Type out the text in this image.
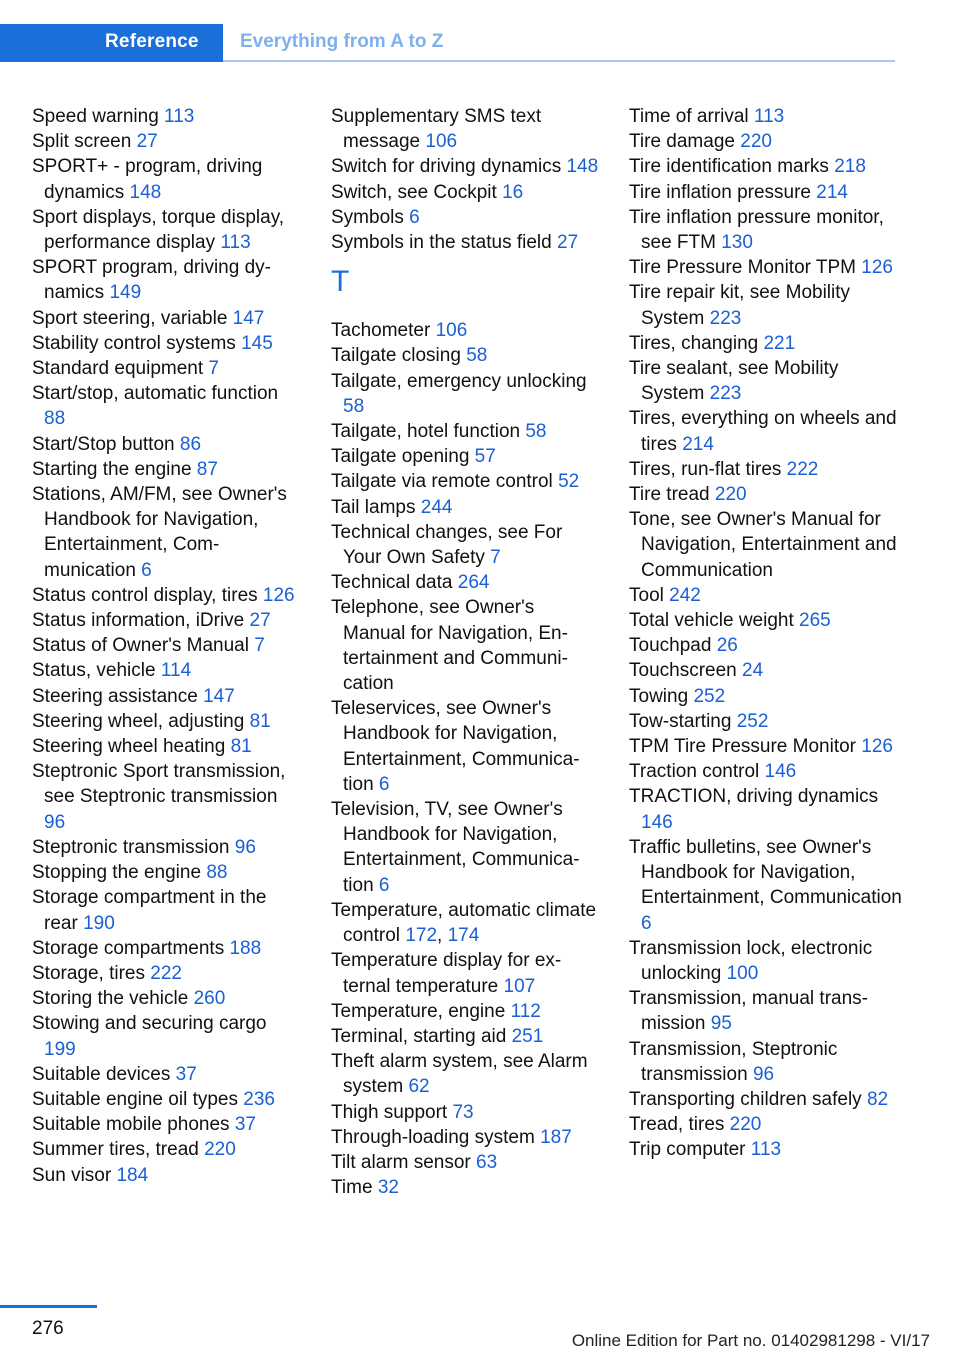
Reference	Everything from A to Z
Speed warning 113
Split screen 27
SPORT+ - program, driving dynamics 148
Sport displays, torque display, performance display 113
SPORT program, driving dynamics 149
Sport steering, variable 147
Stability control systems 145
Standard equipment 7
Start/stop, automatic function 88
Start/Stop button 86
Starting the engine 87
Stations, AM/FM, see Owner's Handbook for Navigation, Entertainment, Communication 6
Status control display, tires 126
Status information, iDrive 27
Status of Owner's Manual 7
Status, vehicle 114
Steering assistance 147
Steering wheel, adjusting 81
Steering wheel heating 81
Steptronic Sport transmission, see Steptronic transmission 96
Steptronic transmission 96
Stopping the engine 88
Storage compartment in the rear 190
Storage compartments 188
Storage, tires 222
Storing the vehicle 260
Stowing and securing cargo 199
Suitable devices 37
Suitable engine oil types 236
Suitable mobile phones 37
Summer tires, tread 220
Sun visor 184
Supplementary SMS text message 106
Switch for driving dynamics 148
Switch, see Cockpit 16
Symbols 6
Symbols in the status field 27
T
Tachometer 106
Tailgate closing 58
Tailgate, emergency unlocking 58
Tailgate, hotel function 58
Tailgate opening 57
Tailgate via remote control 52
Tail lamps 244
Technical changes, see For Your Own Safety 7
Technical data 264
Telephone, see Owner's Manual for Navigation, Entertainment and Communication
Teleservices, see Owner's Handbook for Navigation, Entertainment, Communication 6
Television, TV, see Owner's Handbook for Navigation, Entertainment, Communication 6
Temperature, automatic climate control 172, 174
Temperature display for external temperature 107
Temperature, engine 112
Terminal, starting aid 251
Theft alarm system, see Alarm system 62
Thigh support 73
Through-loading system 187
Tilt alarm sensor 63
Time 32
Time of arrival 113
Tire damage 220
Tire identification marks 218
Tire inflation pressure 214
Tire inflation pressure monitor, see FTM 130
Tire Pressure Monitor TPM 126
Tire repair kit, see Mobility System 223
Tires, changing 221
Tire sealant, see Mobility System 223
Tires, everything on wheels and tires 214
Tires, run-flat tires 222
Tire tread 220
Tone, see Owner's Manual for Navigation, Entertainment and Communication
Tool 242
Total vehicle weight 265
Touchpad 26
Touchscreen 24
Towing 252
Tow-starting 252
TPM Tire Pressure Monitor 126
Traction control 146
TRACTION, driving dynamics 146
Traffic bulletins, see Owner's Handbook for Navigation, Entertainment, Communication 6
Transmission lock, electronic unlocking 100
Transmission, manual transmission 95
Transmission, Steptronic transmission 96
Transporting children safely 82
Tread, tires 220
Trip computer 113
276
Online Edition for Part no. 01402981298 - VI/17
